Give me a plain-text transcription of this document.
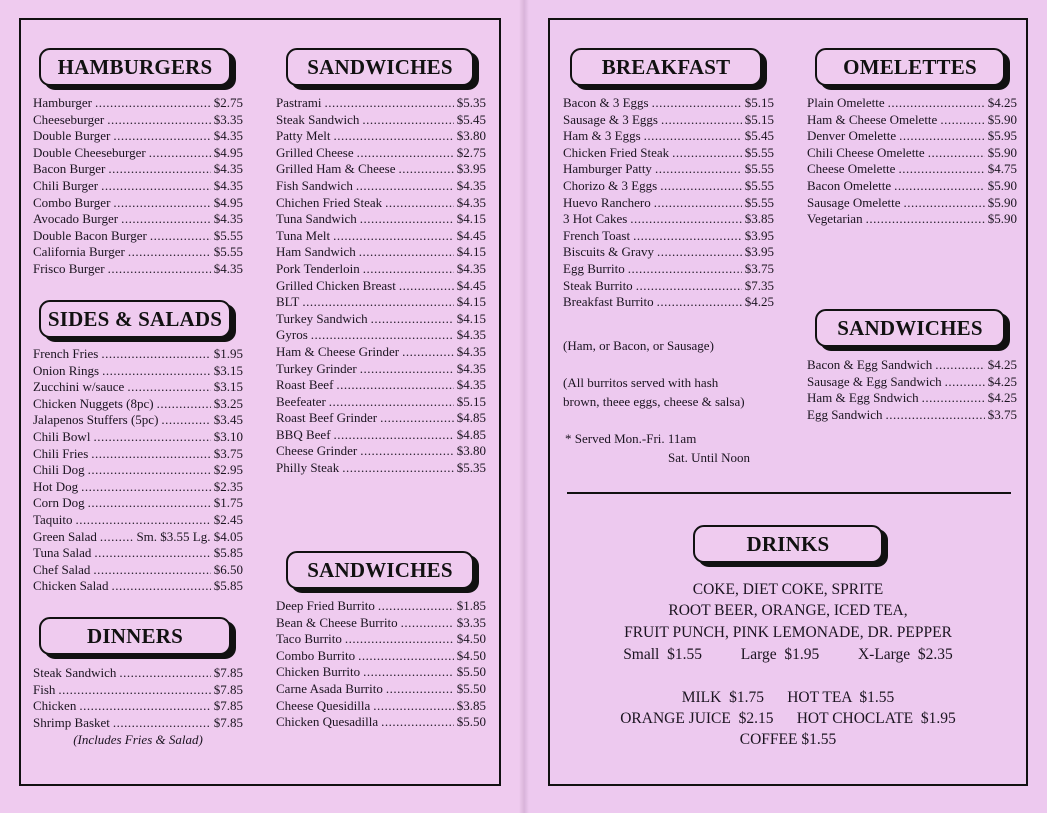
HAMBURGERS
Hamburger .....	$2.75
Cheeseburger .....	$3.35
Double Burger .....	$4.35
Double Cheeseburger .....	$4.95
Bacon Burger .....	$4.35
Chili Burger .....	$4.35
Combo Burger .....	$4.95
Avocado Burger .....	$4.35
Double Bacon Burger .....	$5.55
California Burger .....	$5.55
Frisco Burger .....	$4.35
SIDES & SALADS
French Fries .....	$1.95
Onion Rings .....	$3.15
Zucchini w/sauce .....	$3.15
Chicken Nuggets (8pc) .....	$3.25
Jalapenos Stuffers (5pc) .....	$3.45
Chili Bowl .....	$3.10
Chili Fries .....	$3.75
Chili Dog .....	$2.95
Hot Dog .....	$2.35
Corn Dog .....	$1.75
Taquito .....	$2.45
Green Salad .....	Sm. $3.55 Lg. $4.05
Tuna Salad .....	$5.85
Chef Salad .....	$6.50
Chicken Salad .....	$5.85
DINNERS
Steak Sandwich .....	$7.85
Fish .....	$7.85
Chicken .....	$7.85
Shrimp Basket .....	$7.85
(Includes Fries & Salad)
SANDWICHES
Pastrami .....	$5.35
Steak Sandwich .....	$5.45
Patty Melt .....	$3.80
Grilled Cheese .....	$2.75
Grilled Ham & Cheese .....	$3.95
Fish Sandwich .....	$4.35
Chichen Fried Steak .....	$4.35
Tuna Sandwich .....	$4.15
Tuna Melt .....	$4.45
Ham Sandwich .....	$4.15
Pork Tenderloin .....	$4.35
Grilled Chicken Breast .....	$4.45
BLT .....	$4.15
Turkey Sandwich .....	$4.15
Gyros .....	$4.35
Ham & Cheese Grinder .....	$4.35
Turkey Grinder .....	$4.35
Roast Beef .....	$4.35
Beefeater .....	$5.15
Roast Beef Grinder .....	$4.85
BBQ Beef .....	$4.85
Cheese Grinder .....	$3.80
Philly Steak .....	$5.35
SANDWICHES
Deep Fried Burrito .....	$1.85
Bean & Cheese Burrito .....	$3.35
Taco Burrito .....	$4.50
Combo Burrito .....	$4.50
Chicken Burrito .....	$5.50
Carne Asada Burrito .....	$5.50
Cheese Quesidilla .....	$3.85
Chicken Quesadilla .....	$5.50
BREAKFAST
Bacon & 3 Eggs .....	$5.15
Sausage & 3 Eggs .....	$5.15
Ham & 3 Eggs .....	$5.45
Chicken Fried Steak .....	$5.55
Hamburger Patty .....	$5.55
Chorizo & 3 Eggs .....	$5.55
Huevo Ranchero .....	$5.55
3 Hot Cakes .....	$3.85
French Toast .....	$3.95
Biscuits & Gravy .....	$3.95
Egg Burrito .....	$3.75
Steak Burrito .....	$7.35
Breakfast Burrito .....	$4.25
(Ham, or Bacon, or Sausage)
(All burritos served with hash
brown, theee eggs, cheese & salsa)
* Served Mon.-Fri. 11am
Sat. Until Noon
OMELETTES
Plain Omelette .....	$4.25
Ham & Cheese Omelette .....	$5.90
Denver Omelette .....	$5.95
Chili Cheese Omelette .....	$5.90
Cheese Omelette .....	$4.75
Bacon Omelette .....	$5.90
Sausage Omelette .....	$5.90
Vegetarian .....	$5.90
SANDWICHES
Bacon & Egg Sandwich .....	$4.25
Sausage & Egg Sandwich .....	$4.25
Ham & Egg Sndwich .....	$4.25
Egg Sandwich .....	$3.75
DRINKS
COKE, DIET COKE, SPRITE
ROOT BEER, ORANGE, ICED TEA,
FRUIT PUNCH, PINK LEMONADE, DR. PEPPER
Small  $1.55          Large  $1.95          X-Large  $2.35
MILK  $1.75      HOT TEA  $1.55
ORANGE JUICE  $2.15      HOT CHOCLATE  $1.95
COFFEE $1.55
